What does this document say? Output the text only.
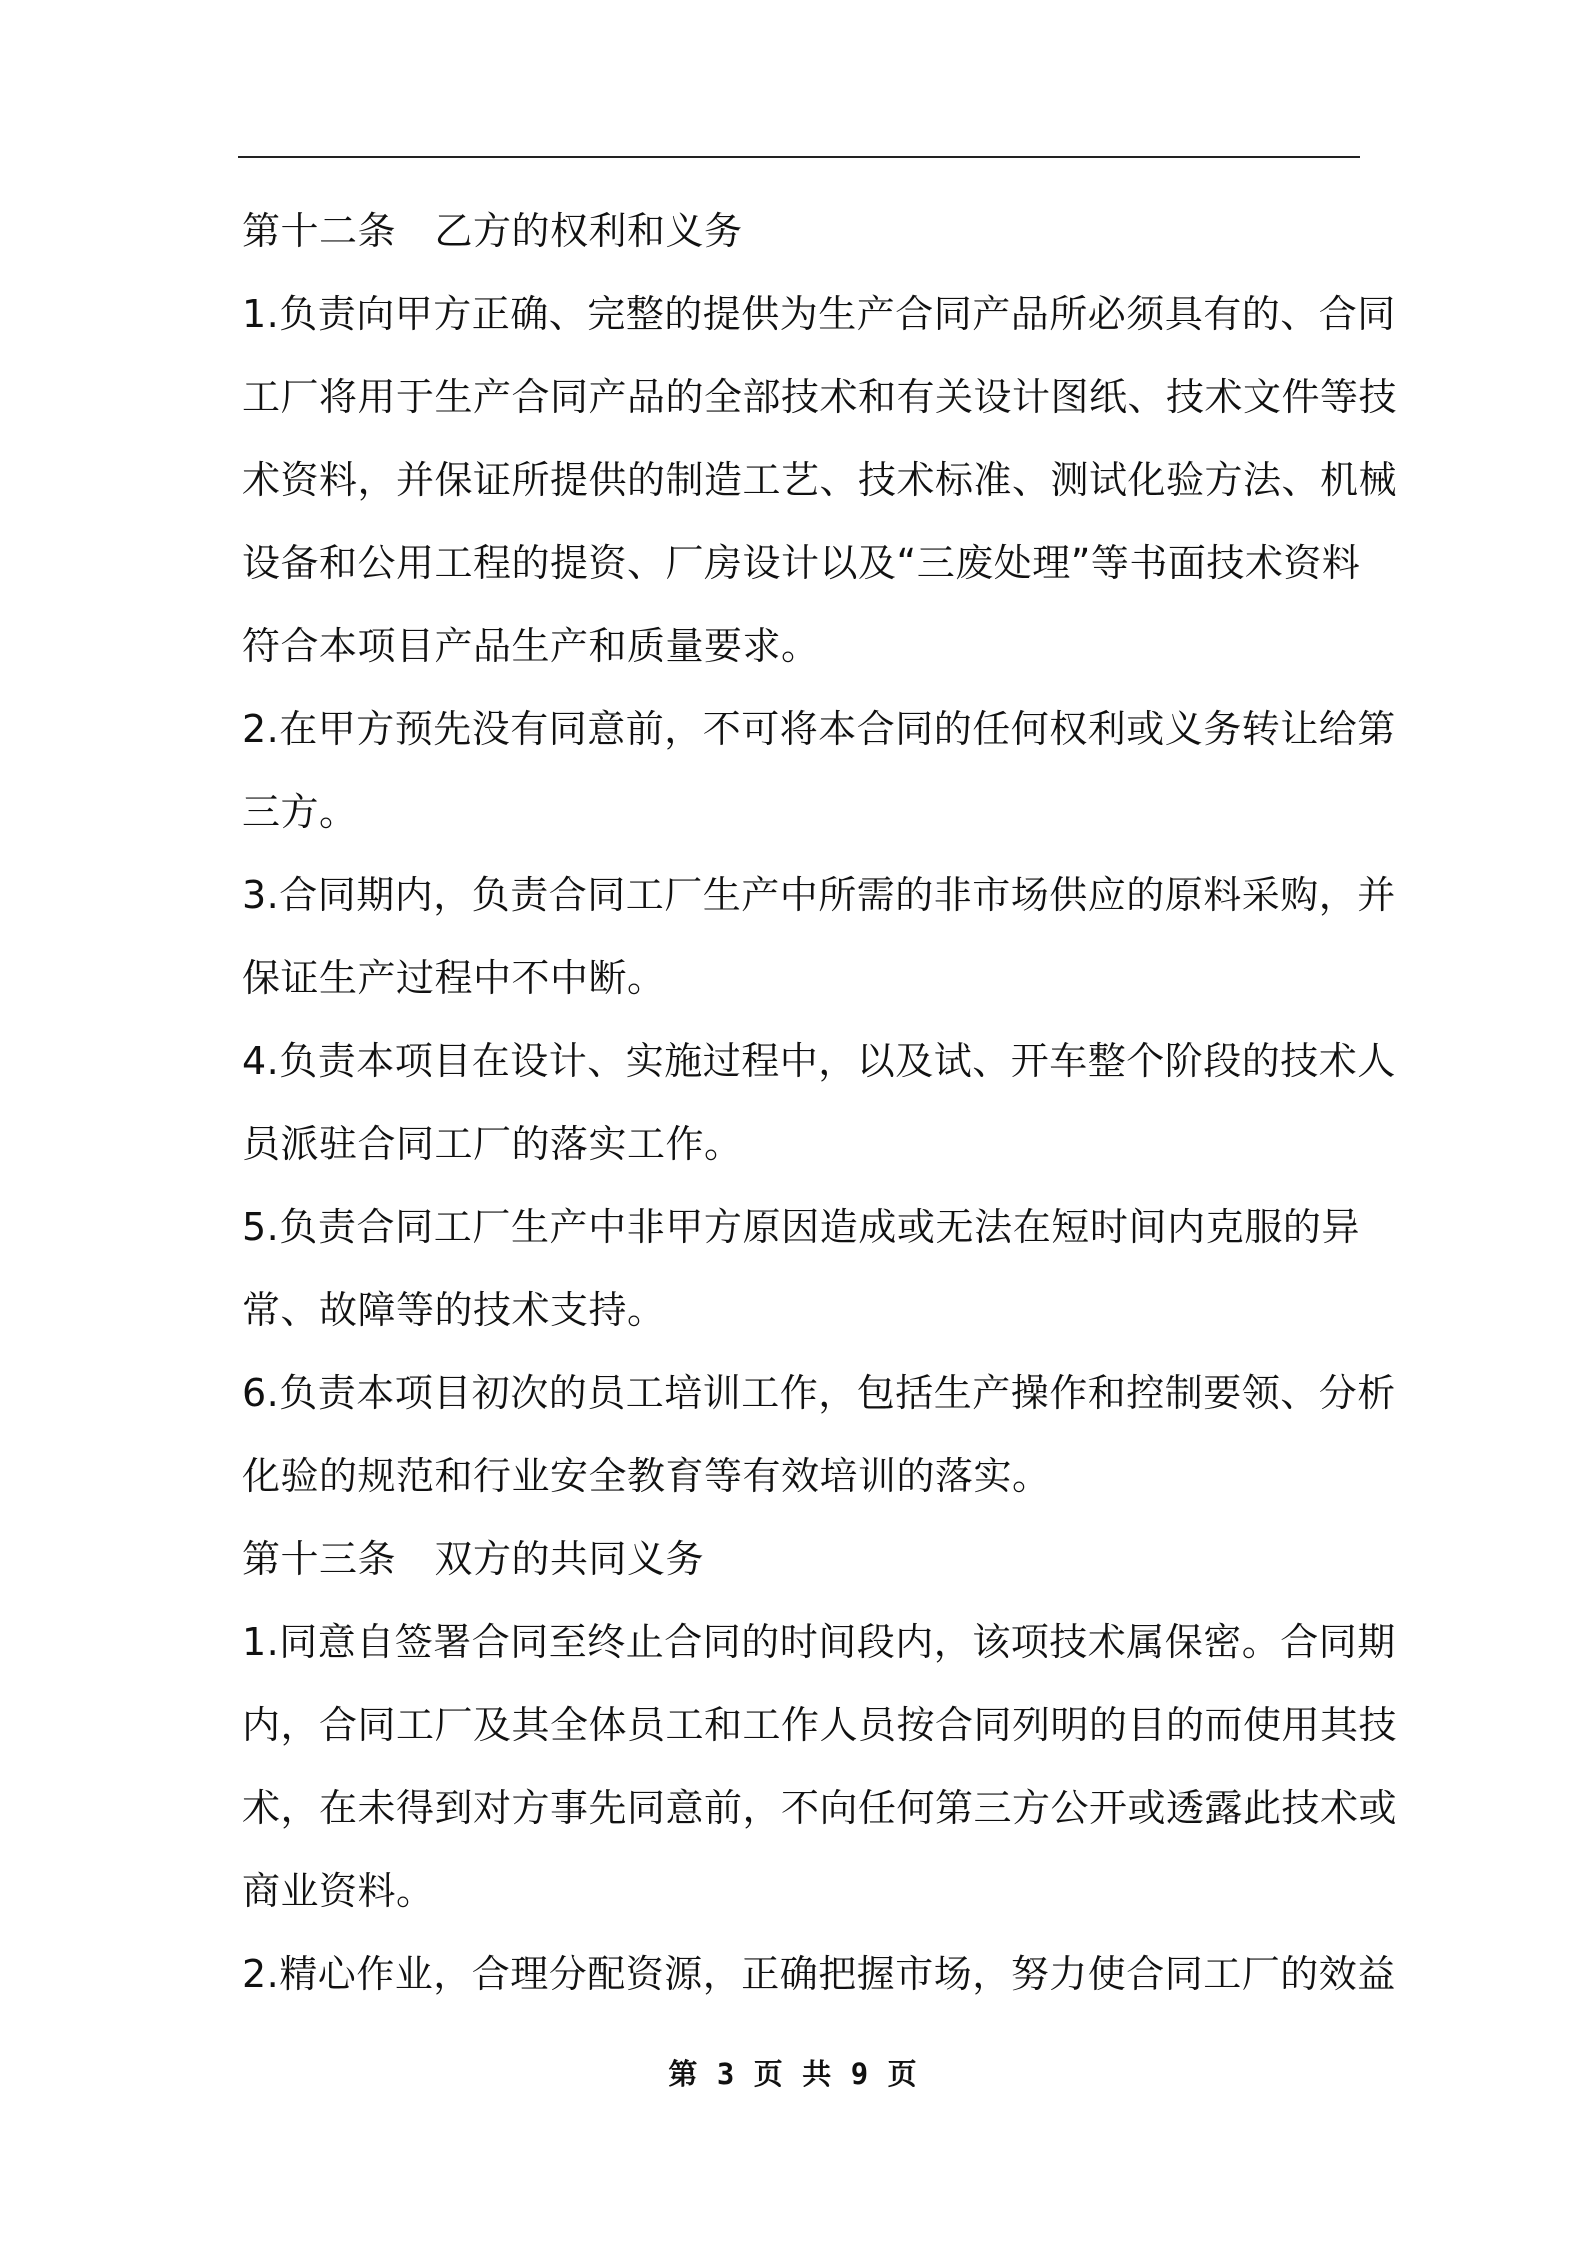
第十二条　乙方的权利和义务
1.负责向甲方正确、完整的提供为生产合同产品所必须具有的、合同
工厂将用于生产合同产品的全部技术和有关设计图纸、技术文件等技
术资料，并保证所提供的制造工艺、技术标准、测试化验方法、机械
设备和公用工程的提资、厂房设计以及“三废处理”等书面技术资料
符合本项目产品生产和质量要求。
2.在甲方预先没有同意前，不可将本合同的任何权利或义务转让给第
三方。
3.合同期内，负责合同工厂生产中所需的非市场供应的原料采购，并
保证生产过程中不中断。
4.负责本项目在设计、实施过程中，以及试、开车整个阶段的技术人
员派驻合同工厂的落实工作。
5.负责合同工厂生产中非甲方原因造成或无法在短时间内克服的异
常、故障等的技术支持。
6.负责本项目初次的员工培训工作，包括生产操作和控制要领、分析
化验的规范和行业安全教育等有效培训的落实。
第十三条　双方的共同义务
1.同意自签署合同至终止合同的时间段内，该项技术属保密。合同期
内，合同工厂及其全体员工和工作人员按合同列明的目的而使用其技
术，在未得到对方事先同意前，不向任何第三方公开或透露此技术或
商业资料。
2.精心作业，合理分配资源，正确把握市场，努力使合同工厂的效益
第 3 页 共 9 页
